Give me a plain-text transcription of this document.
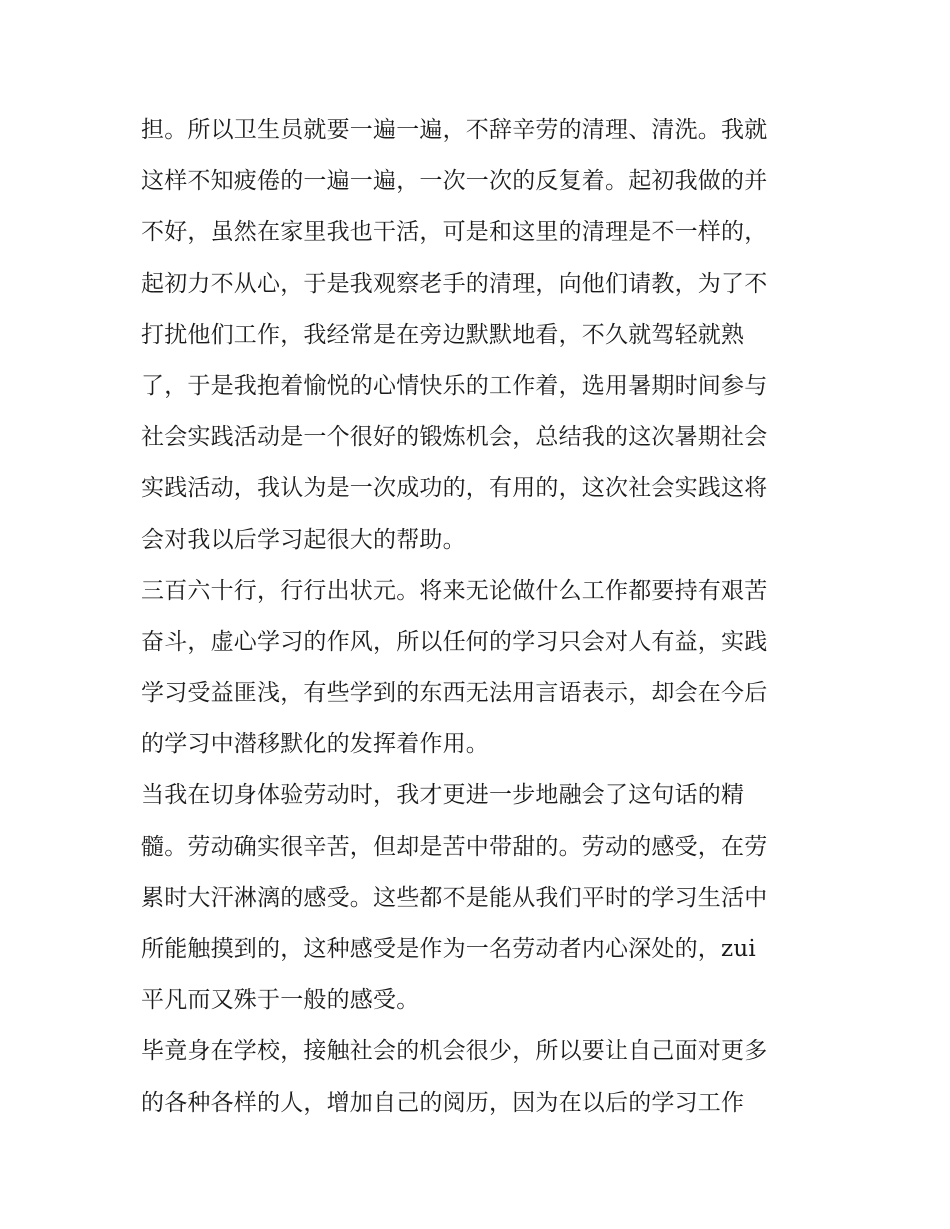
担。所以卫生员就要一遍一遍，不辞辛劳的清理、清洗。我就
这样不知疲倦的一遍一遍，一次一次的反复着。起初我做的并
不好，虽然在家里我也干活，可是和这里的清理是不一样的，
起初力不从心，于是我观察老手的清理，向他们请教，为了不
打扰他们工作，我经常是在旁边默默地看，不久就驾轻就熟
了，于是我抱着愉悦的心情快乐的工作着，选用暑期时间参与
社会实践活动是一个很好的锻炼机会，总结我的这次暑期社会
实践活动，我认为是一次成功的，有用的，这次社会实践这将
会对我以后学习起很大的帮助。
三百六十行，行行出状元。将来无论做什么工作都要持有艰苦
奋斗，虚心学习的作风，所以任何的学习只会对人有益，实践
学习受益匪浅，有些学到的东西无法用言语表示，却会在今后
的学习中潜移默化的发挥着作用。
当我在切身体验劳动时，我才更进一步地融会了这句话的精
髓。劳动确实很辛苦，但却是苦中带甜的。劳动的感受，在劳
累时大汗淋漓的感受。这些都不是能从我们平时的学习生活中
所能触摸到的，这种感受是作为一名劳动者内心深处的，zui
平凡而又殊于一般的感受。
毕竟身在学校，接触社会的机会很少，所以要让自己面对更多
的各种各样的人，增加自己的阅历，因为在以后的学习工作
